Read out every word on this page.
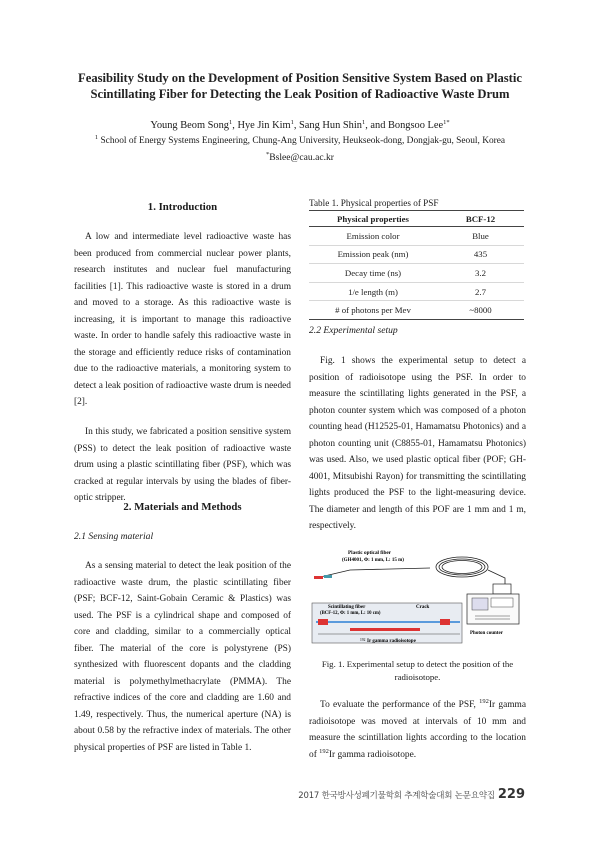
Feasibility Study on the Development of Position Sensitive System Based on Plastic
Scintillating Fiber for Detecting the Leak Position of Radioactive Waste Drum
Young Beom Song$^1$, Hye Jin Kim$^1$, Sang Hun Shin$^1$, and Bongsoo Lee$^{1*}$
$^1$ School of Energy Systems Engineering, Chung-Ang University, Heukseok-dong, Dongjak-gu, Seoul, Korea
*Bslee@cau.ac.kr
1. Introduction
A low and intermediate level radioactive waste has been produced from commercial nuclear power plants, research institutes and nuclear fuel manufacturing facilities [1]. This radioactive waste is stored in a drum and moved to a storage. As this radioactive waste is increasing, it is important to manage this radioactive waste. In order to handle safely this radioactive waste in the storage and efficiently reduce risks of contamination due to the radioactive materials, a monitoring system to detect a leak position of radioactive waste drum is needed [2].
In this study, we fabricated a position sensitive system (PSS) to detect the leak position of radioactive waste drum using a plastic scintillating fiber (PSF), which was cracked at regular intervals by using the blades of fiber-optic stripper.
2. Materials and Methods
2.1 Sensing material
As a sensing material to detect the leak position of the radioactive waste drum, the plastic scintillating fiber (PSF; BCF-12, Saint-Gobain Ceramic & Plastics) was used. The PSF is a cylindrical shape and composed of core and cladding, similar to a commercially optical fiber. The material of the core is polystyrene (PS) synthesized with fluorescent dopants and the cladding material is polymethylmethacrylate (PMMA). The refractive indices of the core and cladding are 1.60 and 1.49, respectively. Thus, the numerical aperture (NA) is about 0.58 by the refractive index of materials. The other physical properties of PSF are listed in Table 1.
Table 1. Physical properties of PSF
Physical properties	BCF-12
Emission color	Blue
Emission peak (nm)	435
Decay time (ns)	3.2
1/e length (m)	2.7
# of photons per Mev	~8000
2.2 Experimental setup
Fig. 1 shows the experimental setup to detect a position of radioisotope using the PSF. In order to measure the scintillating lights generated in the PSF, a photon counter system which was composed of a photon counting head (H12525-01, Hamamatsu Photonics) and a photon counting unit (C8855-01, Hamamatsu Photonics) was used. Also, we used plastic optical fiber (POF; GH-4001, Mitsubishi Rayon) for transmitting the scintillating lights produced the PSF to the light-measuring device. The diameter and length of this POF are 1 mm and 1 m, respectively.
To evaluate the performance of the PSF, $^{192}$Ir gamma radioisotope was moved at intervals of 10 mm and measure the scintillation lights according to the location of $^{192}$Ir gamma radioisotope.
Plastic optical fiber
(GH4001, Φ: 1 mm, L: 15 m)
Scintillating fiber
(BCF-12, Φ: 1 mm, L: 10 cm)
Crack
192 Ir gamma radioisotope
Photon counter
Fig. 1. Experimental setup to detect the position of the radioisotope.
2017 한국방사성폐기물학회 추계학술대회 논문요약집 229
